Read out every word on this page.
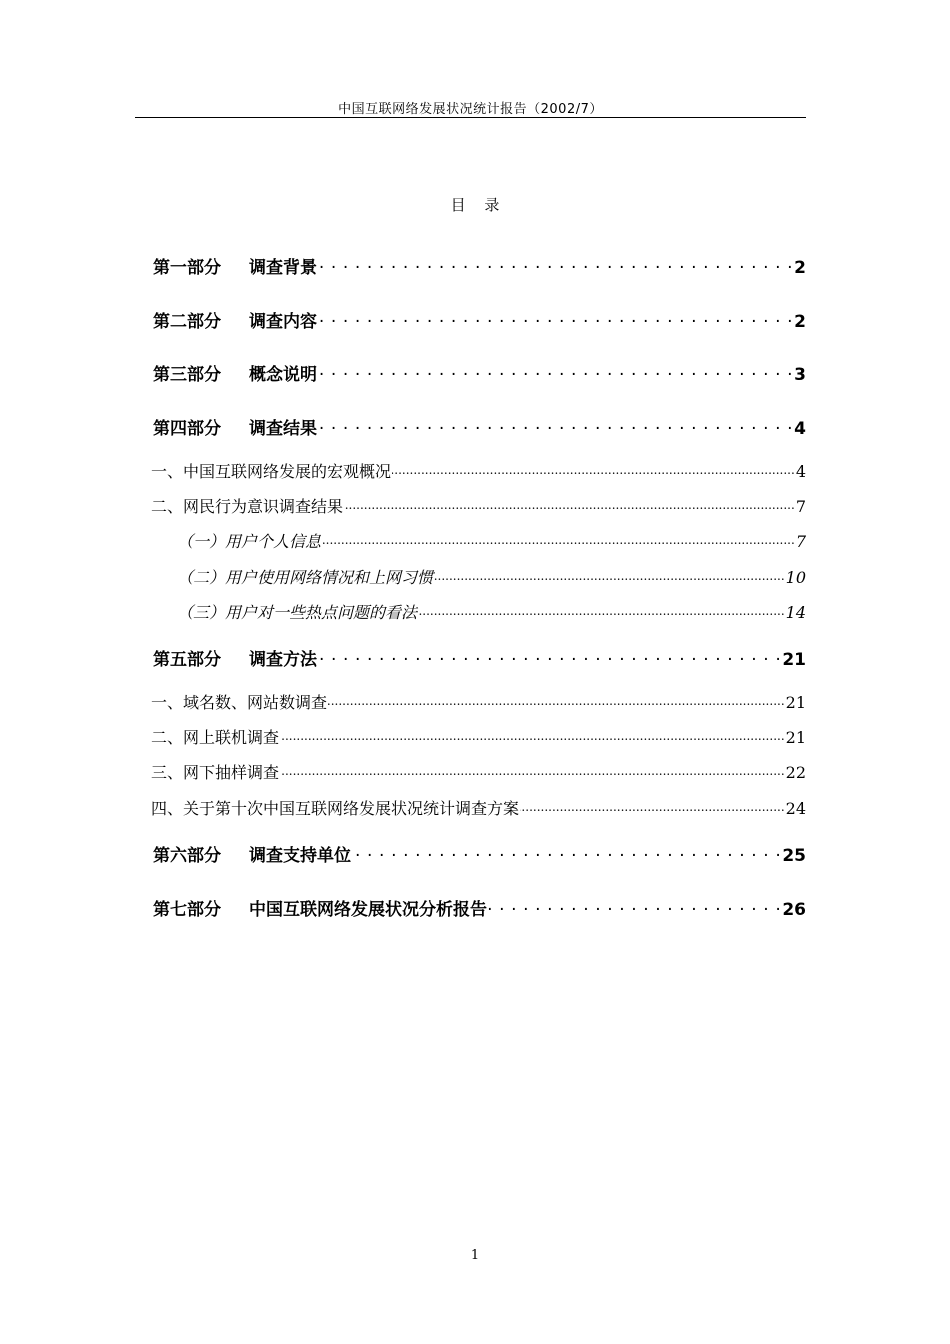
中国互联网络发展状况统计报告（2002/7）
目 录
第一部分	调查背景 . . .	2
第二部分	调查内容 . . .	2
第三部分	概念说明 . . .	3
第四部分	调查结果 . . .	4
一、中国互联网络发展的宏观概况 .....	4
二、网民行为意识调查结果 .....	7
（一）用户个人信息 .....	7
（二）用户使用网络情况和上网习惯 .....	10
（三）用户对一些热点问题的看法 .....	14
第五部分	调查方法 . . .	21
一、域名数、网站数调查 .....	21
二、网上联机调查 .....	21
三、网下抽样调查 .....	22
四、关于第十次中国互联网络发展状况统计调查方案 .....	24
第六部分	调查支持单位 . . .	25
第七部分	中国互联网络发展状况分析报告 . . .	26
1
